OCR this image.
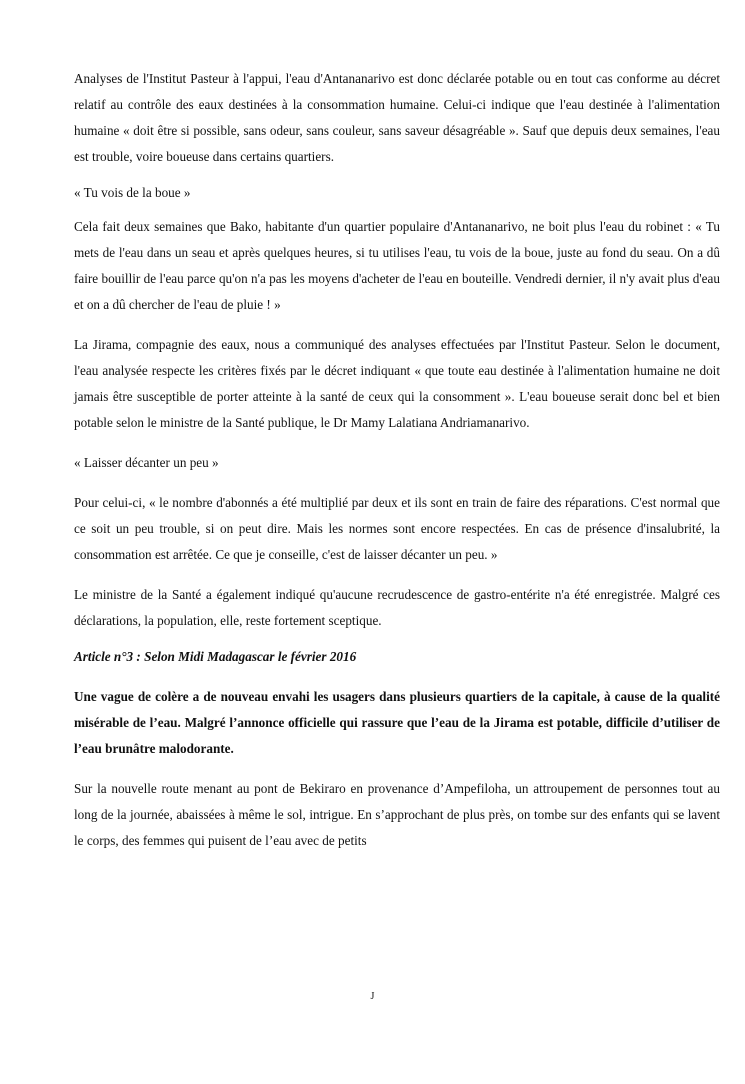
Analyses de l'Institut Pasteur à l'appui, l'eau d'Antananarivo est donc déclarée potable ou en tout cas conforme au décret relatif au contrôle des eaux destinées à la consommation humaine. Celui-ci indique que l'eau destinée à l'alimentation humaine « doit être si possible, sans odeur, sans couleur, sans saveur désagréable ». Sauf que depuis deux semaines, l'eau est trouble, voire boueuse dans certains quartiers.

« Tu vois de la boue »

Cela fait deux semaines que Bako, habitante d'un quartier populaire d'Antananarivo, ne boit plus l'eau du robinet : « Tu mets de l'eau dans un seau et après quelques heures, si tu utilises l'eau, tu vois de la boue, juste au fond du seau. On a dû faire bouillir de l'eau parce qu'on n'a pas les moyens d'acheter de l'eau en bouteille. Vendredi dernier, il n'y avait plus d'eau et on a dû chercher de l'eau de pluie ! »

La Jirama, compagnie des eaux, nous a communiqué des analyses effectuées par l'Institut Pasteur. Selon le document, l'eau analysée respecte les critères fixés par le décret indiquant « que toute eau destinée à l'alimentation humaine ne doit jamais être susceptible de porter atteinte à la santé de ceux qui la consomment ». L'eau boueuse serait donc bel et bien potable selon le ministre de la Santé publique, le Dr Mamy Lalatiana Andriamanarivo.

« Laisser décanter un peu »

Pour celui-ci, « le nombre d'abonnés a été multiplié par deux et ils sont en train de faire des réparations. C'est normal que ce soit un peu trouble, si on peut dire. Mais les normes sont encore respectées. En cas de présence d'insalubrité, la consommation est arrêtée. Ce que je conseille, c'est de laisser décanter un peu. »

Le ministre de la Santé a également indiqué qu'aucune recrudescence de gastro-entérite n'a été enregistrée. Malgré ces déclarations, la population, elle, reste fortement sceptique.

Article n°3 : Selon Midi Madagascar le février 2016

Une vague de colère a de nouveau envahi les usagers dans plusieurs quartiers de la capitale, à cause de la qualité misérable de l’eau. Malgré l’annonce officielle qui rassure que l’eau de la Jirama est potable, difficile d’utiliser de l’eau brunâtre malodorante.

Sur la nouvelle route menant au pont de Bekiraro en provenance d’Ampefiloha, un attroupement de personnes tout au long de la journée, abaissées à même le sol, intrigue. En s’approchant de plus près, on tombe sur des enfants qui se lavent le corps, des femmes qui puisent de l’eau avec de petits

J
